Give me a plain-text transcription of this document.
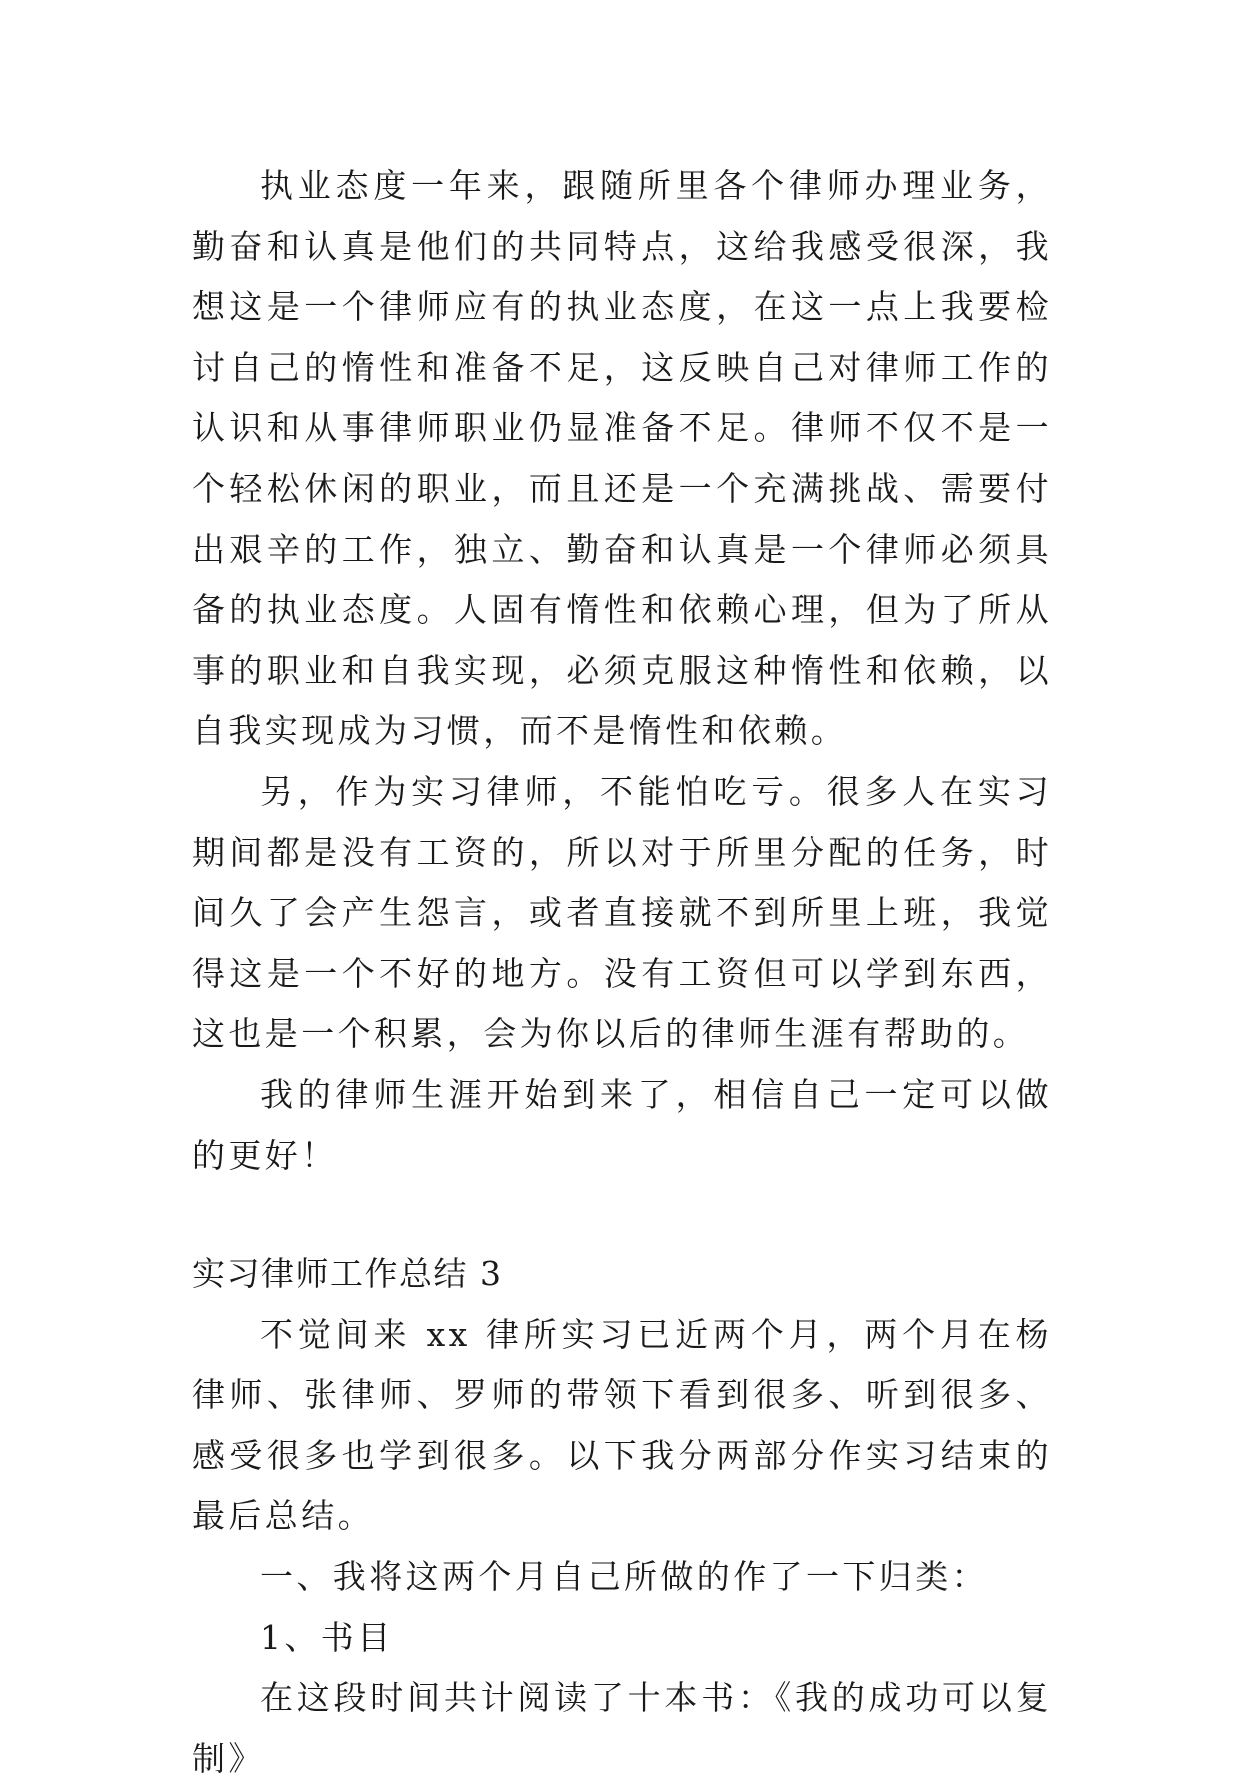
执业态度一年来，跟随所里各个律师办理业务，勤奋和认真是他们的共同特点，这给我感受很深，我想这是一个律师应有的执业态度，在这一点上我要检讨自己的惰性和准备不足，这反映自己对律师工作的认识和从事律师职业仍显准备不足。律师不仅不是一个轻松休闲的职业，而且还是一个充满挑战、需要付出艰辛的工作，独立、勤奋和认真是一个律师必须具备的执业态度。人固有惰性和依赖心理，但为了所从事的职业和自我实现，必须克服这种惰性和依赖，以自我实现成为习惯，而不是惰性和依赖。

另，作为实习律师，不能怕吃亏。很多人在实习期间都是没有工资的，所以对于所里分配的任务，时间久了会产生怨言，或者直接就不到所里上班，我觉得这是一个不好的地方。没有工资但可以学到东西，这也是一个积累，会为你以后的律师生涯有帮助的。

我的律师生涯开始到来了，相信自己一定可以做的更好！

实习律师工作总结 3

不觉间来 xx 律所实习已近两个月，两个月在杨律师、张律师、罗师的带领下看到很多、听到很多、感受很多也学到很多。以下我分两部分作实习结束的最后总结。

一、我将这两个月自己所做的作了一下归类：

1、书目

在这段时间共计阅读了十本书：《我的成功可以复制》
